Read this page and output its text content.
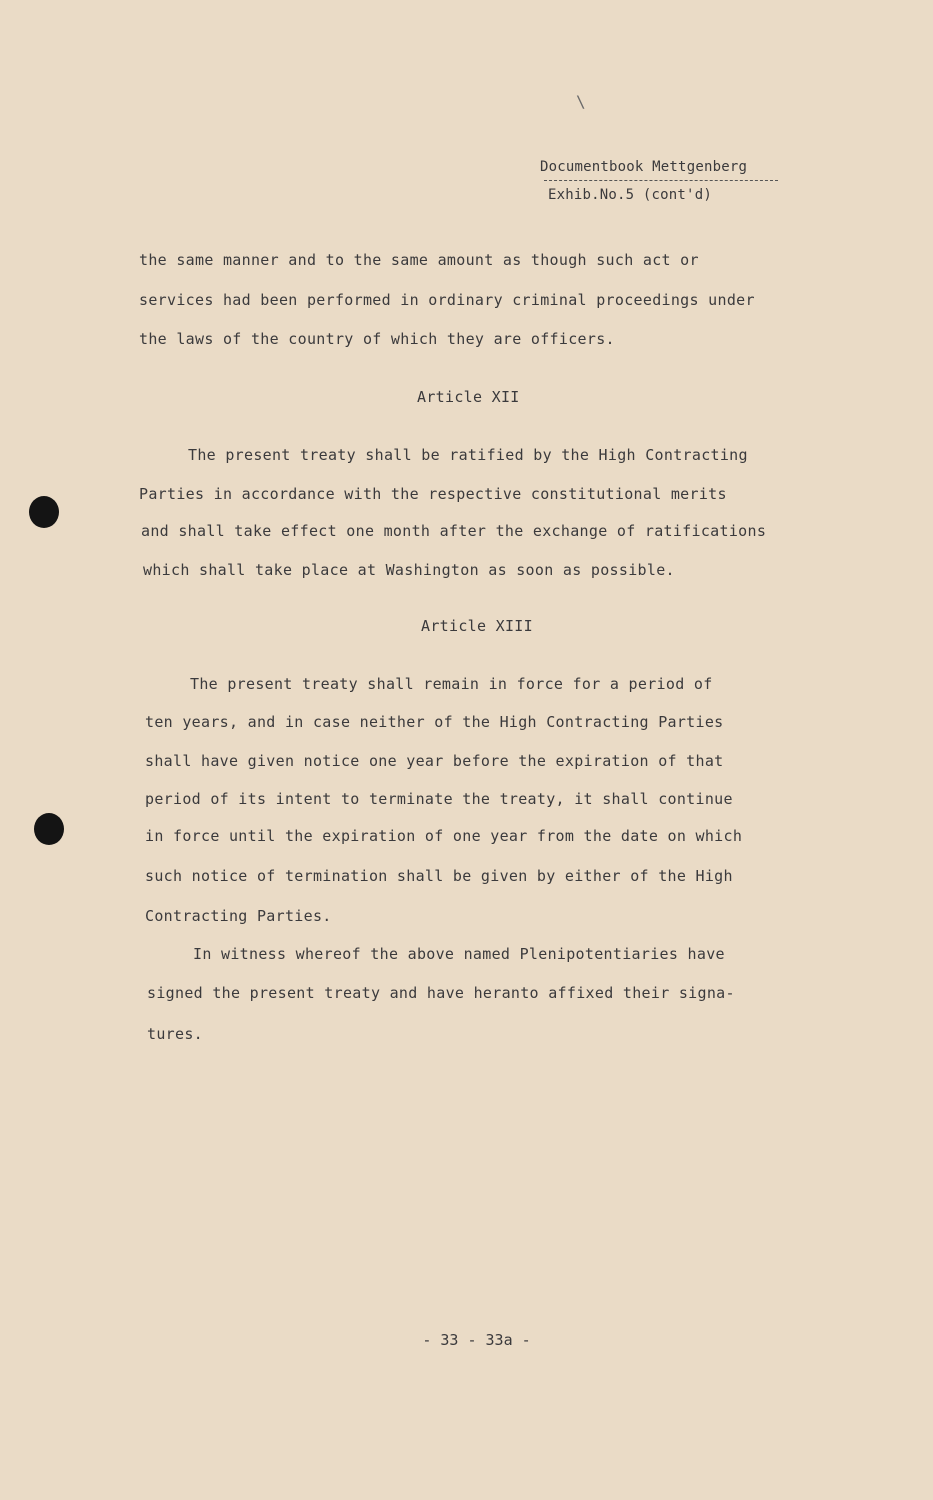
\
Documentbook Mettgenberg
Exhib.No.5 (cont'd)
the same manner and to the same amount as though such act or
services had been performed in ordinary criminal proceedings under
the laws of the country of which they are officers.
Article XII
The present treaty shall be ratified by the High Contracting
Parties in accordance with the respective constitutional merits
and shall take effect one month after the exchange of ratifications
which shall take place at Washington as soon as possible.
Article XIII
The present treaty shall remain in force for a period of
ten years, and in case neither of the High Contracting Parties
shall have given notice one year before the expiration of that
period of its intent to terminate the treaty, it shall continue
in force until the expiration of one year from the date on which
such notice of termination shall be given by either of the High
Contracting Parties.
In witness whereof the above named Plenipotentiaries have
signed the present treaty and have heranto affixed their signa-
tures.
- 33 - 33a -
